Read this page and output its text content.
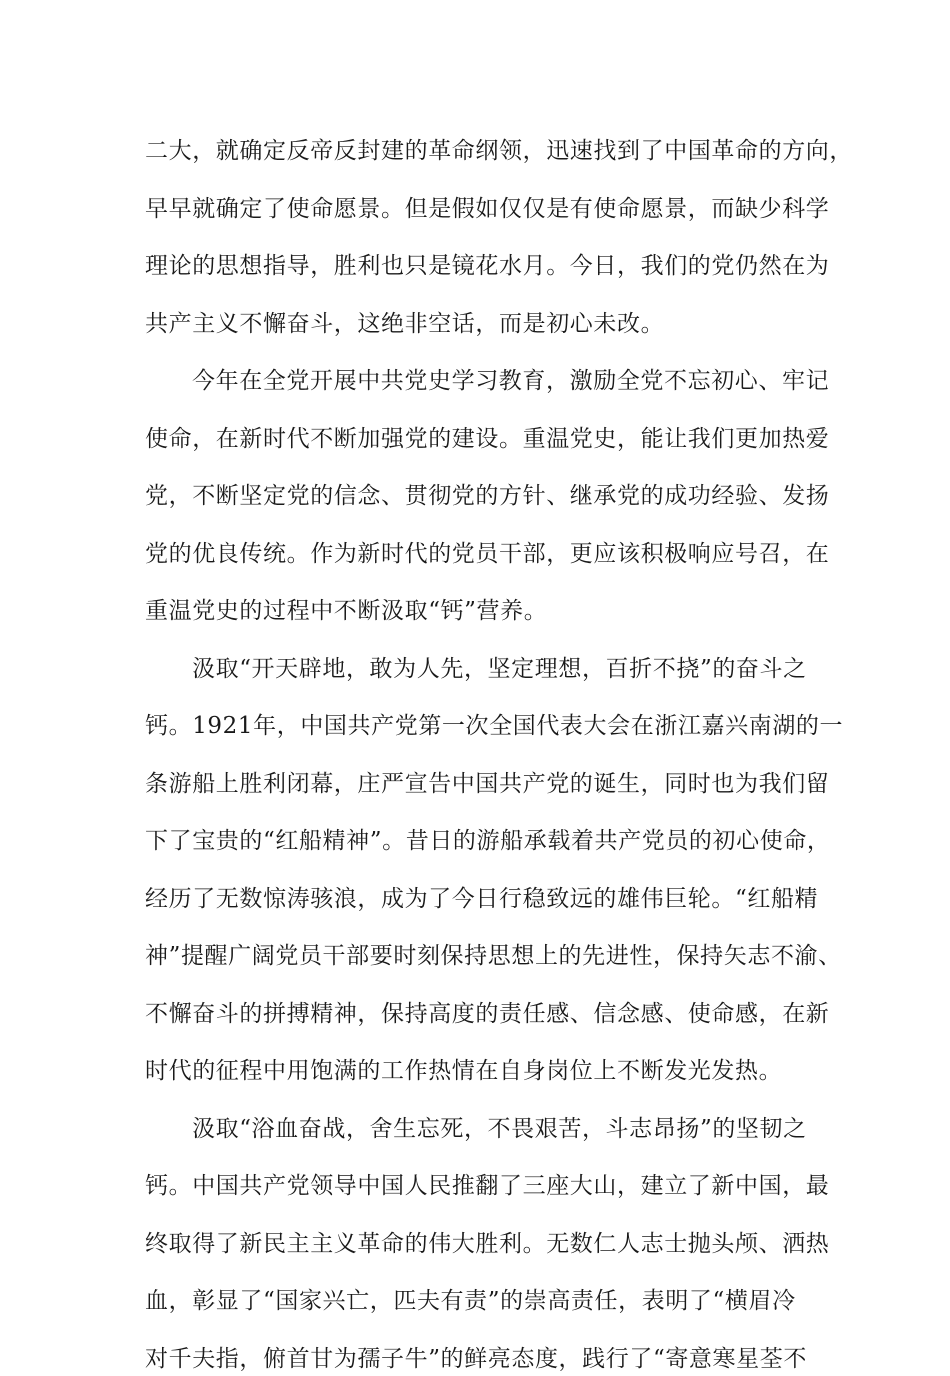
二大，就确定反帝反封建的革命纲领，迅速找到了中国革命的方向，
早早就确定了使命愿景。但是假如仅仅是有使命愿景，而缺少科学
理论的思想指导，胜利也只是镜花水月。今日，我们的党仍然在为
共产主义不懈奋斗，这绝非空话，而是初心未改。
今年在全党开展中共党史学习教育，激励全党不忘初心、牢记
使命，在新时代不断加强党的建设。重温党史，能让我们更加热爱
党，不断坚定党的信念、贯彻党的方针、继承党的成功经验、发扬
党的优良传统。作为新时代的党员干部，更应该积极响应号召，在
重温党史的过程中不断汲取“钙”营养。
汲取“开天辟地，敢为人先，坚定理想，百折不挠”的奋斗之
钙。1921年，中国共产党第一次全国代表大会在浙江嘉兴南湖的一
条游船上胜利闭幕，庄严宣告中国共产党的诞生，同时也为我们留
下了宝贵的“红船精神”。昔日的游船承载着共产党员的初心使命，
经历了无数惊涛骇浪，成为了今日行稳致远的雄伟巨轮。“红船精
神”提醒广阔党员干部要时刻保持思想上的先进性，保持矢志不渝、
不懈奋斗的拼搏精神，保持高度的责任感、信念感、使命感，在新
时代的征程中用饱满的工作热情在自身岗位上不断发光发热。
汲取“浴血奋战，舍生忘死，不畏艰苦，斗志昂扬”的坚韧之
钙。中国共产党领导中国人民推翻了三座大山，建立了新中国，最
终取得了新民主主义革命的伟大胜利。无数仁人志士抛头颅、洒热
血，彰显了“国家兴亡，匹夫有责”的崇高责任，表明了“横眉冷
对千夫指，俯首甘为孺子牛”的鲜亮态度，践行了“寄意寒星荃不
